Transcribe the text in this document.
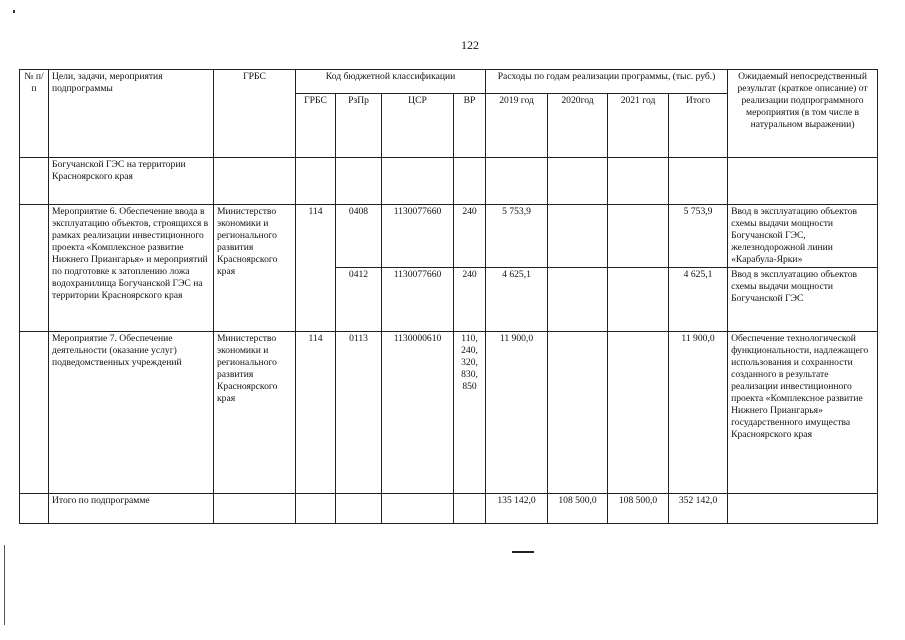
122
№ п/п	Цели, задачи, мероприятия подпрограммы	ГРБС	Код бюджетной классификации				Расходы по годам реализации программы, (тыс. руб.)				Ожидаемый непосредственный результат (краткое описание) от реализации подпрограммного мероприятия (в том числе в натуральном выражении)
			ГРБС	РзПр	ЦСР	ВР	2019 год	2020год	2021 год	Итого	
	Богучанской ГЭС на территории Красноярского края										
	Мероприятие 6. Обеспечение ввода в эксплуатацию объектов, строящихся в рамках реализации инвестиционного проекта «Комплексное развитие Нижнего Приангарья» и мероприятий по подготовке к затоплению ложа водохранилища Богучанской ГЭС на территории Красноярского края	Министерство экономики и регионального развития Красноярского края	114	0408	1130077660	240	5 753,9			5 753,9	Ввод в эксплуатацию объектов схемы выдачи мощности Богучанской ГЭС, железнодорожной линии «Карабула-Ярки»
				0412	1130077660	240	4 625,1			4 625,1	Ввод в эксплуатацию объектов схемы выдачи мощности Богучанской ГЭС
	Мероприятие 7. Обеспечение деятельности (оказание услуг) подведомственных учреждений	Министерство экономики и регионального развития Красноярского края	114	0113	1130000610	110, 240, 320, 830, 850	11 900,0			11 900,0	Обеспечение технологической функциональности, надлежащего использования и сохранности созданного в результате реализации инвестиционного проекта «Комплексное развитие Нижнего Приангарья» государственного имущества Красноярского края
	Итого по подпрограмме						135 142,0	108 500,0	108 500,0	352 142,0	
